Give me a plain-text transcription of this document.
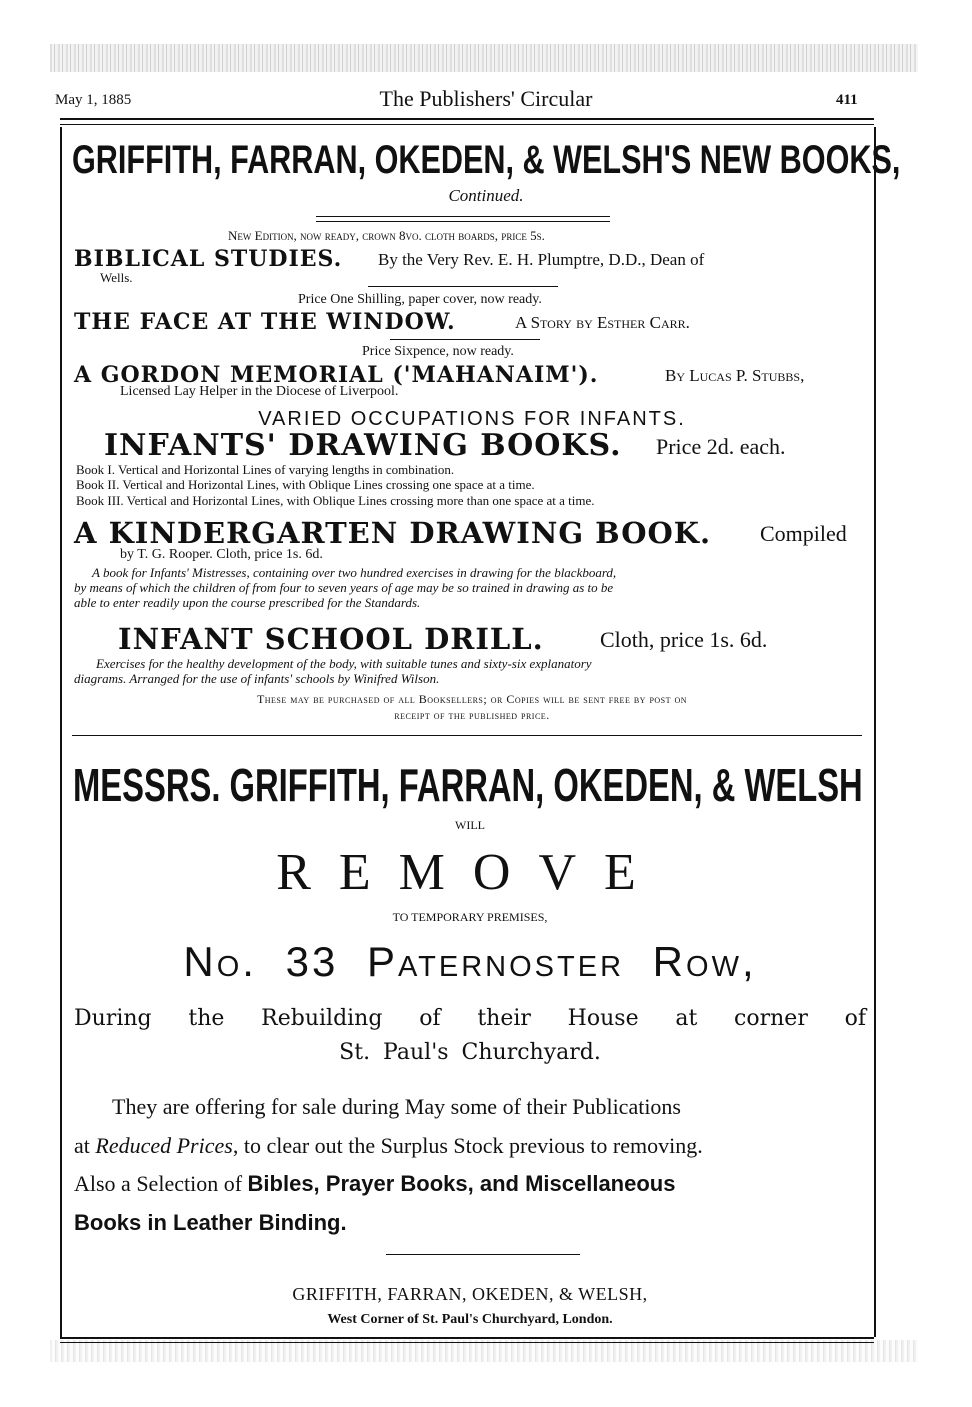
May 1, 1885	The Publishers' Circular	411
GRIFFITH, FARRAN, OKEDEN, & WELSH'S NEW BOOKS,
Continued.
New Edition, now ready, crown 8vo. cloth boards, price 5s.
BIBLICAL STUDIES. By the Very Rev. E. H. Plumptre, D.D., Dean of
Wells.
Price One Shilling, paper cover, now ready.
THE FACE AT THE WINDOW.	A Story by Esther Carr.
Price Sixpence, now ready.
A GORDON MEMORIAL ('MAHANAIM').	By Lucas P. Stubbs,
Licensed Lay Helper in the Diocese of Liverpool.
VARIED OCCUPATIONS FOR INFANTS.
INFANTS' DRAWING BOOKS. Price 2d. each.
Book I. Vertical and Horizontal Lines of varying lengths in combination.
Book II. Vertical and Horizontal Lines, with Oblique Lines crossing one space at a time.
Book III. Vertical and Horizontal Lines, with Oblique Lines crossing more than one space at a time.
A KINDERGARTEN DRAWING BOOK. Compiled
by T. G. Rooper. Cloth, price 1s. 6d.
A book for Infants' Mistresses, containing over two hundred exercises in drawing for the blackboard,
by means of which the children of from four to seven years of age may be so trained in drawing as to be
able to enter readily upon the course prescribed for the Standards.
INFANT SCHOOL DRILL.	Cloth, price 1s. 6d.
Exercises for the healthy development of the body, with suitable tunes and sixty-six explanatory
diagrams. Arranged for the use of infants' schools by Winifred Wilson.
These may be purchased of all Booksellers; or Copies will be sent free by post on
receipt of the published price.
MESSRS. GRIFFITH, FARRAN, OKEDEN, & WELSH
WILL
REMOVE
TO TEMPORARY PREMISES,
No. 33 Paternoster Row,
During the Rebuilding of their House at corner of
St. Paul's Churchyard.
They are offering for sale during May some of their Publications
at Reduced Prices, to clear out the Surplus Stock previous to removing.
Also a Selection of Bibles, Prayer Books, and Miscellaneous
Books in Leather Binding.
GRIFFITH, FARRAN, OKEDEN, & WELSH,
West Corner of St. Paul's Churchyard, London.
